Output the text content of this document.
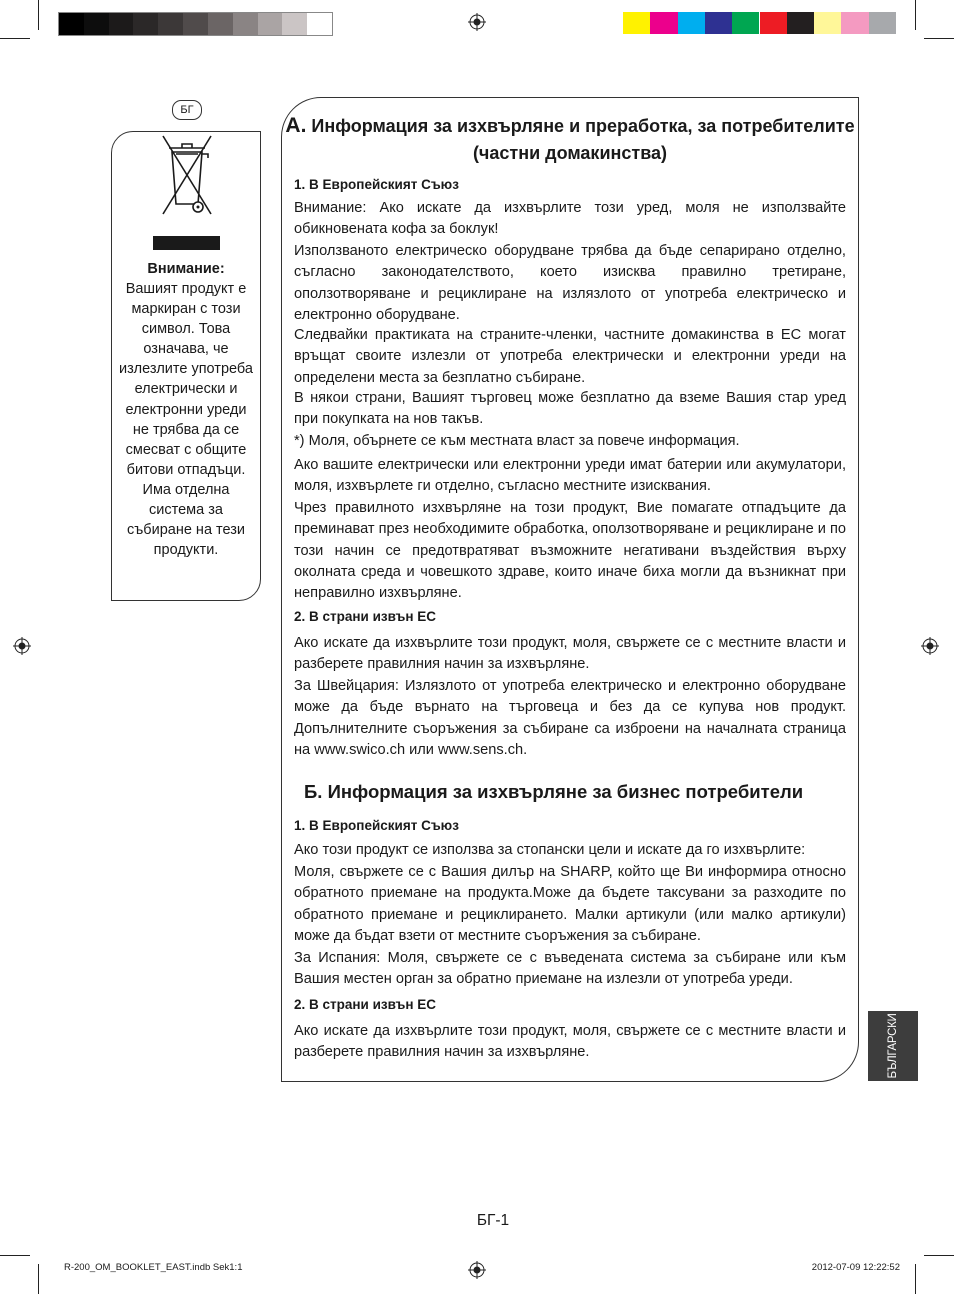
БГ
Внимание:
Вашият продукт е маркиран с този символ. Това означава, че излезлите употреба електрически и електронни уреди не трябва да се смесват с общите битови отпадъци. Има отделна система за събиране на тези продукти.
A. Информация за изхвърляне и преработка, за потребителите (частни домакинства)
1. В Европейският Съюз
Внимание: Ако искате да изхвърлите този уред, моля не използвайте обикновената кофа за боклук!
Използваното електрическо оборудване трябва да бъде сепарирано отделно, съгласно законодателството, което изисква правилно третиране, оползотворяване и рециклиране на излязлото от употреба електрическо и електронно оборудване.
Следвайки практиката на страните-членки, частните домакинства в ЕС могат връщат своите излезли от употреба електрически и електронни уреди на определени места за безплатно събиране.
В някои страни, Вашият търговец може безплатно да вземе Вашия стар уред при покупката на нов такъв.
*) Моля, обърнете се към местната власт за повече информация.
Ако вашите електрически или електронни уреди имат батерии или акумулатори, моля, изхвърлете ги отделно, съгласно местните изисквания.
Чрез правилното изхвърляне на този продукт, Вие помагате отпадъците да преминават през необходимите обработка, оползотворяване и рециклиране и по този начин се предотвратяват възможните негативани въздействия върху околната среда и човешкото здраве, които иначе биха могли да възникнат при неправилно изхвърляне.
2. В страни извън ЕС
Ако искате да изхвърлите този продукт, моля, свържете се с местните власти и разберете правилния начин за изхвърляне.
За Швейцария: Излязлото от употреба електрическо и електронно оборудване може да бъде върнато на търговеца и без да се купува нов продукт. Допълнителните съоръжения за събиране са изброени на началната страница на www.swico.ch или www.sens.ch.
Б. Информация за изхвърляне за бизнес потребители
1. В Европейският Съюз
Ако този продукт се използва за стопански цели и искате да го изхвърлите:
Моля, свържете се с Вашия дилър на SHARP, който ще Ви информира относно обратното приемане на продукта.Може да бъдете таксувани за разходите по обратното приемане и рециклирането. Малки артикули (или малко артикули) може да бъдат взети от местните съоръжения за събиране.
За Испания: Моля, свържете се с въведената система за събиране или към Вашия местен орган за обратно приемане на излезли от употреба уреди.
2. В страни извън ЕС
Ако искате да изхвърлите този продукт, моля, свържете се с местните власти и разберете правилния начин за изхвърляне.	БЪЛГАРСКИ
БГ-1
R-200_OM_BOOKLET_EAST.indb Sek1:1	2012-07-09 12:22:52
